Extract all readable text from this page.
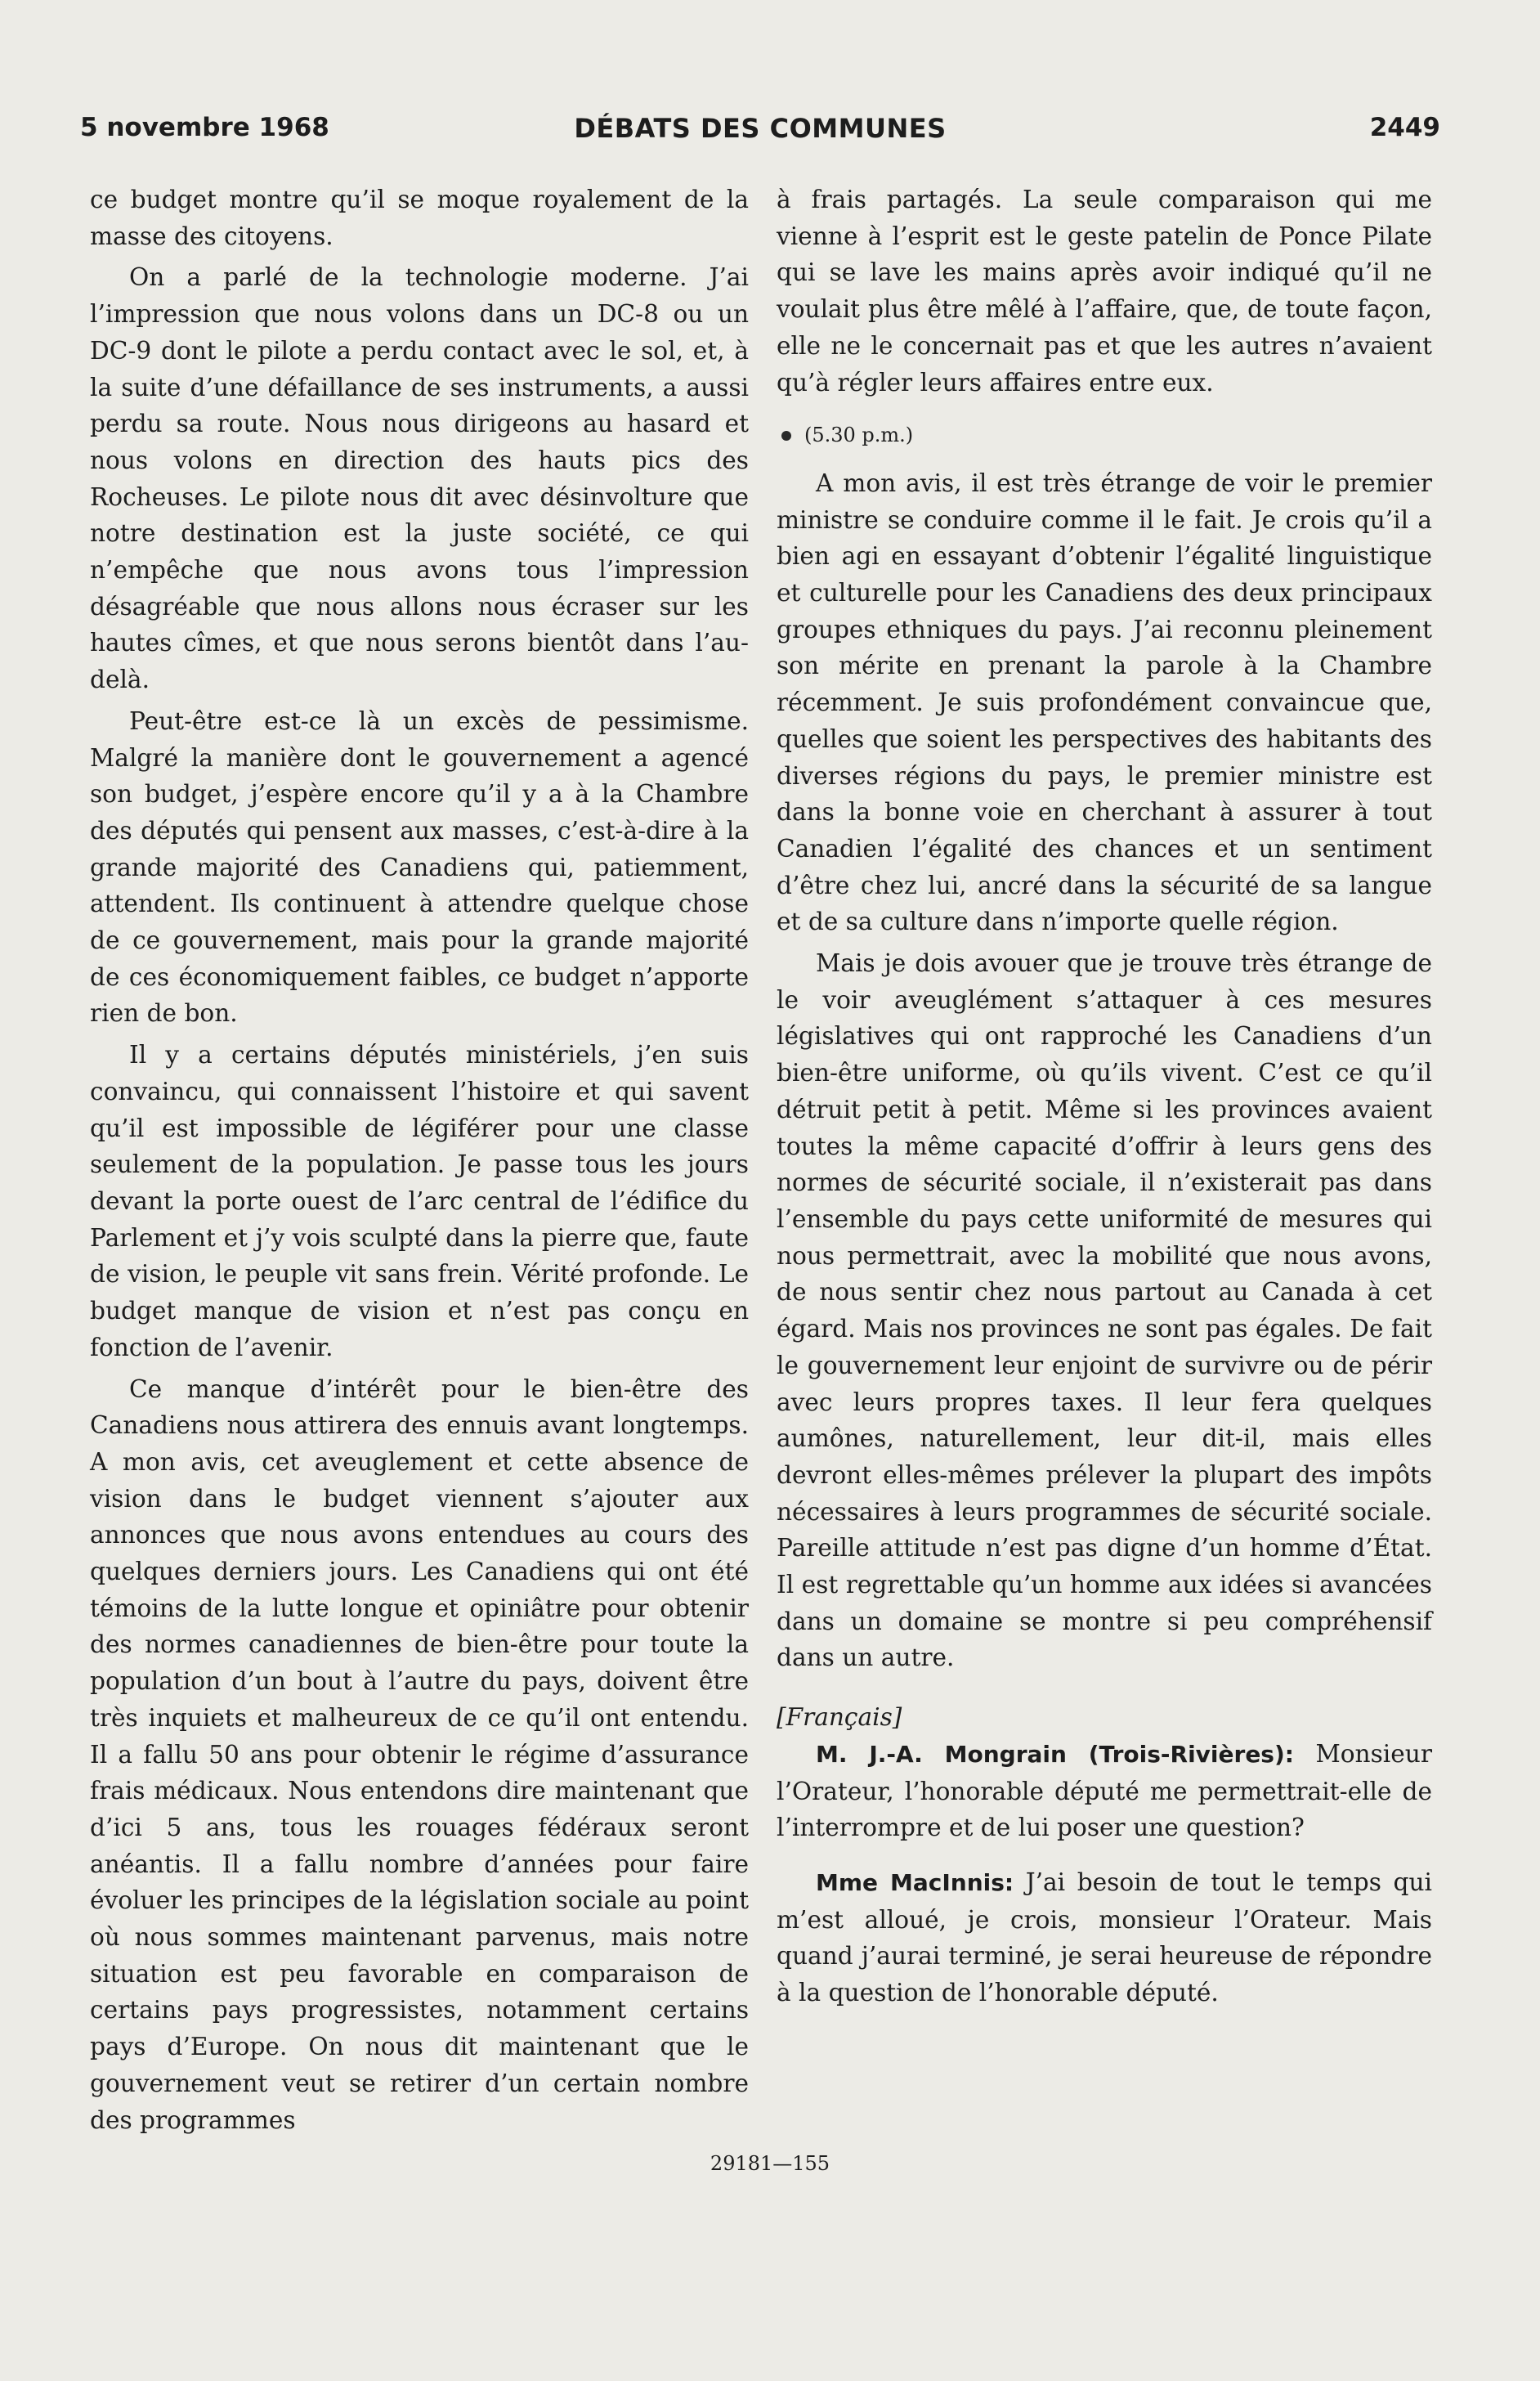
5 novembre 1968	DÉBATS DES COMMUNES	2449

ce budget montre qu’il se moque royalement de la masse des citoyens.

On a parlé de la technologie moderne. J’ai l’impression que nous volons dans un DC-8 ou un DC-9 dont le pilote a perdu contact avec le sol, et, à la suite d’une défaillance de ses instruments, a aussi perdu sa route. Nous nous dirigeons au hasard et nous volons en direction des hauts pics des Rocheuses. Le pilote nous dit avec désinvolture que notre destination est la juste société, ce qui n’empêche que nous avons tous l’impression désagréable que nous allons nous écraser sur les hautes cîmes, et que nous serons bientôt dans l’au-delà.

Peut-être est-ce là un excès de pessimisme. Malgré la manière dont le gouvernement a agencé son budget, j’espère encore qu’il y a à la Chambre des députés qui pensent aux masses, c’est-à-dire à la grande majorité des Canadiens qui, patiemment, attendent. Ils continuent à attendre quelque chose de ce gouvernement, mais pour la grande majorité de ces économiquement faibles, ce budget n’apporte rien de bon.

Il y a certains députés ministériels, j’en suis convaincu, qui connaissent l’histoire et qui savent qu’il est impossible de légiférer pour une classe seulement de la population. Je passe tous les jours devant la porte ouest de l’arc central de l’édifice du Parlement et j’y vois sculpté dans la pierre que, faute de vision, le peuple vit sans frein. Vérité profonde. Le budget manque de vision et n’est pas conçu en fonction de l’avenir.

Ce manque d’intérêt pour le bien-être des Canadiens nous attirera des ennuis avant longtemps. A mon avis, cet aveuglement et cette absence de vision dans le budget viennent s’ajouter aux annonces que nous avons entendues au cours des quelques derniers jours. Les Canadiens qui ont été témoins de la lutte longue et opiniâtre pour obtenir des normes canadiennes de bien-être pour toute la population d’un bout à l’autre du pays, doivent être très inquiets et malheureux de ce qu’il ont entendu. Il a fallu 50 ans pour obtenir le régime d’assurance frais médicaux. Nous entendons dire maintenant que d’ici 5 ans, tous les rouages fédéraux seront anéantis. Il a fallu nombre d’années pour faire évoluer les principes de la législation sociale au point où nous sommes maintenant parvenus, mais notre situation est peu favorable en comparaison de certains pays progressistes, notamment certains pays d’Europe. On nous dit maintenant que le gouvernement veut se retirer d’un certain nombre des programmes

à frais partagés. La seule comparaison qui me vienne à l’esprit est le geste patelin de Ponce Pilate qui se lave les mains après avoir indiqué qu’il ne voulait plus être mêlé à l’affaire, que, de toute façon, elle ne le concernait pas et que les autres n’avaient qu’à régler leurs affaires entre eux.

(5.30 p.m.)

A mon avis, il est très étrange de voir le premier ministre se conduire comme il le fait. Je crois qu’il a bien agi en essayant d’obtenir l’égalité linguistique et culturelle pour les Canadiens des deux principaux groupes ethniques du pays. J’ai reconnu pleinement son mérite en prenant la parole à la Chambre récemment. Je suis profondément convaincue que, quelles que soient les perspectives des habitants des diverses régions du pays, le premier ministre est dans la bonne voie en cherchant à assurer à tout Canadien l’égalité des chances et un sentiment d’être chez lui, ancré dans la sécurité de sa langue et de sa culture dans n’importe quelle région.

Mais je dois avouer que je trouve très étrange de le voir aveuglément s’attaquer à ces mesures législatives qui ont rapproché les Canadiens d’un bien-être uniforme, où qu’ils vivent. C’est ce qu’il détruit petit à petit. Même si les provinces avaient toutes la même capacité d’offrir à leurs gens des normes de sécurité sociale, il n’existerait pas dans l’ensemble du pays cette uniformité de mesures qui nous permettrait, avec la mobilité que nous avons, de nous sentir chez nous partout au Canada à cet égard. Mais nos provinces ne sont pas égales. De fait le gouvernement leur enjoint de survivre ou de périr avec leurs propres taxes. Il leur fera quelques aumônes, naturellement, leur dit-il, mais elles devront elles-mêmes prélever la plupart des impôts nécessaires à leurs programmes de sécurité sociale. Pareille attitude n’est pas digne d’un homme d’État. Il est regrettable qu’un homme aux idées si avancées dans un domaine se montre si peu compréhensif dans un autre.

[Français]

M. J.-A. Mongrain (Trois-Rivières): Monsieur l’Orateur, l’honorable député me permettrait-elle de l’interrompre et de lui poser une question?

Mme MacInnis: J’ai besoin de tout le temps qui m’est alloué, je crois, monsieur l’Orateur. Mais quand j’aurai terminé, je serai heureuse de répondre à la question de l’honorable député.

29181—155
